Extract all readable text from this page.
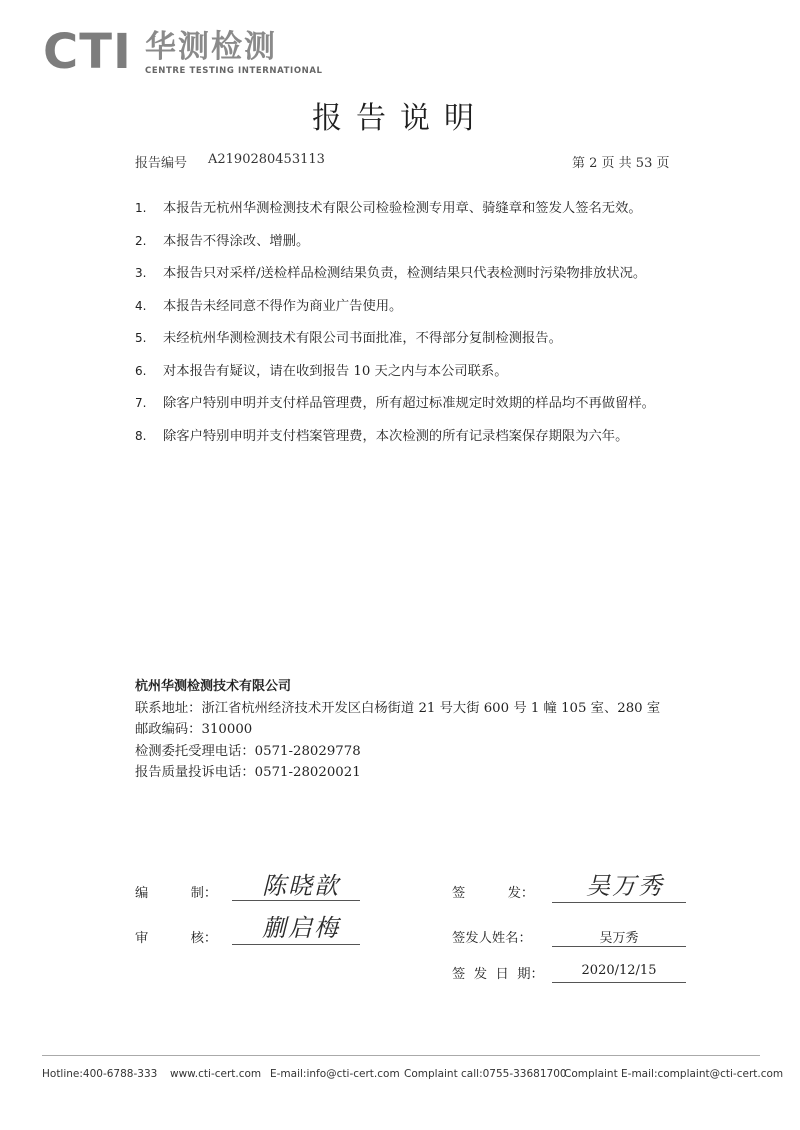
CTI 华测检测
CENTRE TESTING INTERNATIONAL
报告说明
报告编号 A2190280453113	第 2 页 共 53 页
1. 本报告无杭州华测检测技术有限公司检验检测专用章、骑缝章和签发人签名无效。
2. 本报告不得涂改、增删。
3. 本报告只对采样/送检样品检测结果负责，检测结果只代表检测时污染物排放状况。
4. 本报告未经同意不得作为商业广告使用。
5. 未经杭州华测检测技术有限公司书面批准，不得部分复制检测报告。
6. 对本报告有疑议，请在收到报告 10 天之内与本公司联系。
7. 除客户特别申明并支付样品管理费，所有超过标准规定时效期的样品均不再做留样。
8. 除客户特别申明并支付档案管理费，本次检测的所有记录档案保存期限为六年。
杭州华测检测技术有限公司
联系地址：浙江省杭州经济技术开发区白杨街道 21 号大街 600 号 1 幢 105 室、280 室
邮政编码：310000
检测委托受理电话：0571-28029778
报告质量投诉电话：0571-28020021
编          制： 陈晓歆
审          核： 蒯启梅
签          发： 吴万秀
签发人姓名：	吴万秀
签  发  日  期：	2020/12/15
Hotline:400-6788-333 www.cti-cert.com E-mail:info@cti-cert.com Complaint call:0755-33681700
Complaint E-mail:complaint@cti-cert.com
